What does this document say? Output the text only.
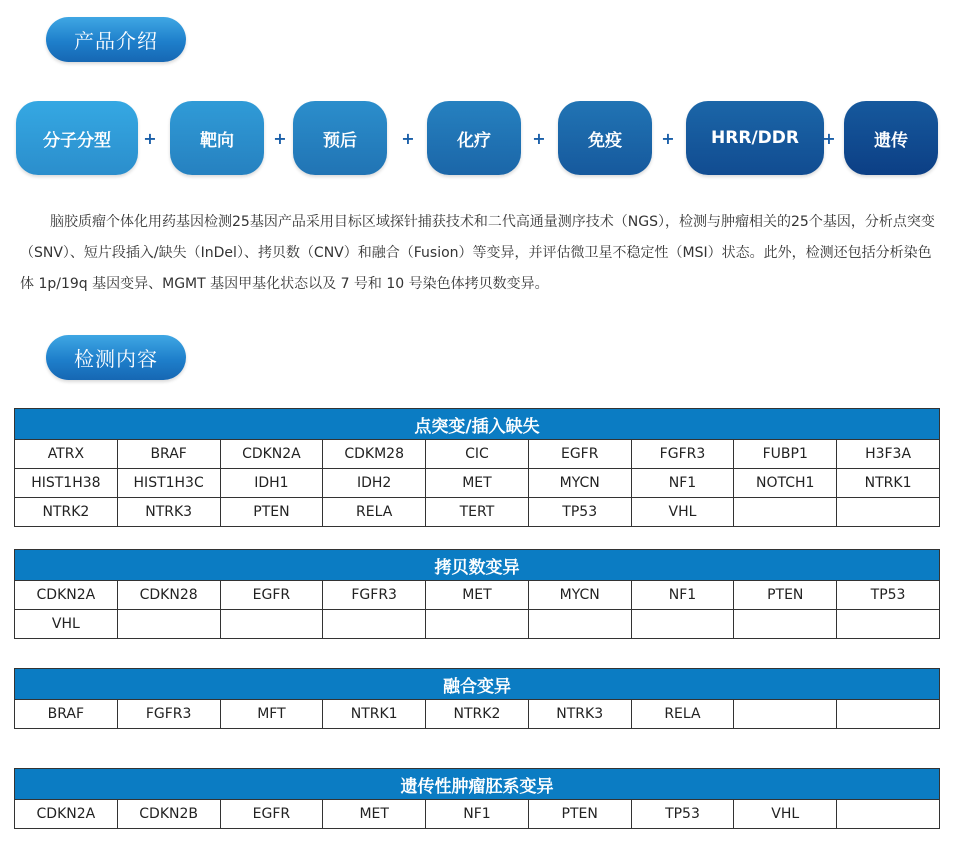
产品介绍
分子分型	+	靶向	+	预后	+	化疗	+	免疫	+	HRR/DDR	+	遗传

脑胶质瘤个体化用药基因检测25基因产品采用目标区域探针捕获技术和二代高通量测序技术（NGS），检测与肿瘤相关的25个基因，分析点突变（SNV）、短片段插入/缺失（InDel）、拷贝数（CNV）和融合（Fusion）等变异，并评估微卫星不稳定性（MSI）状态。此外，检测还包括分析染色体 1p/19q 基因变异、MGMT 基因甲基化状态以及 7 号和 10 号染色体拷贝数变异。

检测内容
点突变/插入缺失								
ATRX	BRAF	CDKN2A	CDKM28	CIC	EGFR	FGFR3	FUBP1	H3F3A
HIST1H38	HIST1H3C	IDH1	IDH2	MET	MYCN	NF1	NOTCH1	NTRK1
NTRK2	NTRK3	PTEN	RELA	TERT	TP53	VHL		
拷贝数变异								
CDKN2A	CDKN28	EGFR	FGFR3	MET	MYCN	NF1	PTEN	TP53
VHL								
融合变异
BRAF	FGFR3	MFT	NTRK1	NTRK2	NTRK3	RELA		
遗传性肿瘤胚系变异
CDKN2A	CDKN2B	EGFR	MET	NF1	PTEN	TP53	VHL	
